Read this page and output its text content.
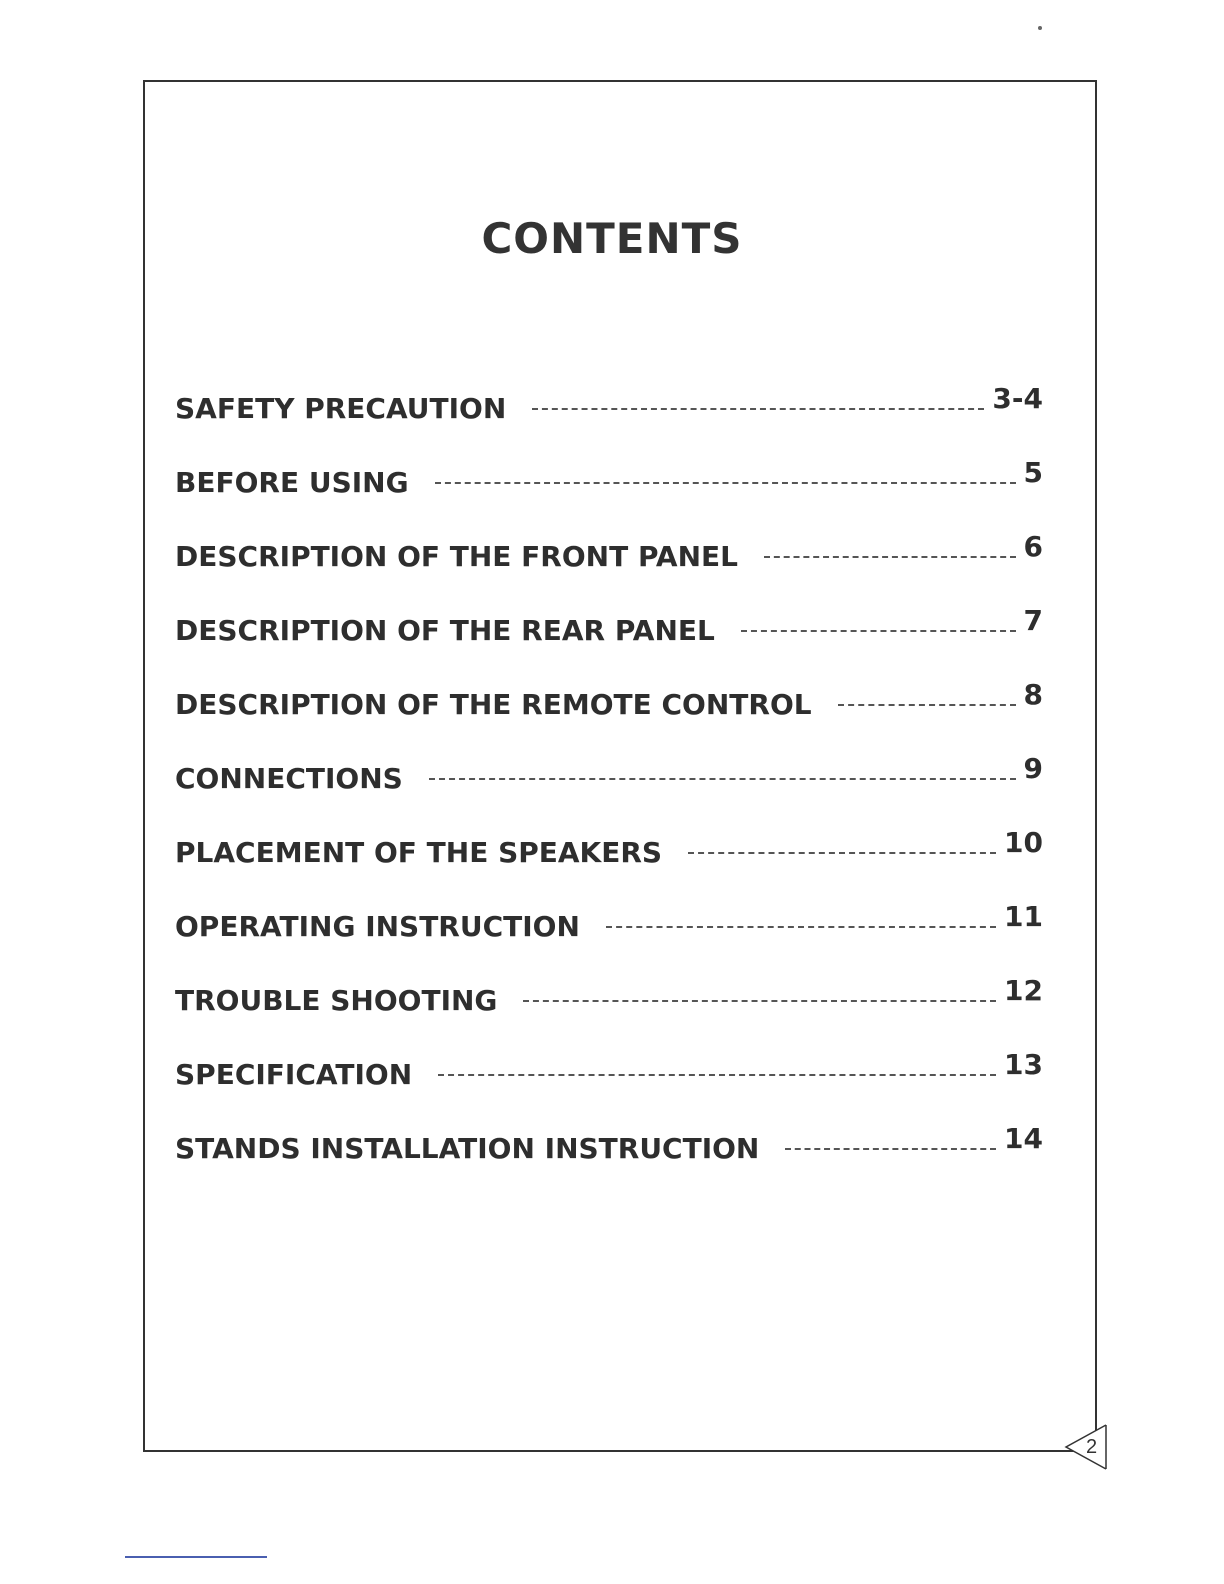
CONTENTS
SAFETY PRECAUTION	3-4
BEFORE USING	5
DESCRIPTION OF THE FRONT PANEL	6
DESCRIPTION OF THE REAR PANEL	7
DESCRIPTION OF THE REMOTE CONTROL	8
CONNECTIONS	9
PLACEMENT OF THE SPEAKERS	10
OPERATING INSTRUCTION	11
TROUBLE SHOOTING	12
SPECIFICATION	13
STANDS INSTALLATION INSTRUCTION	14
2
